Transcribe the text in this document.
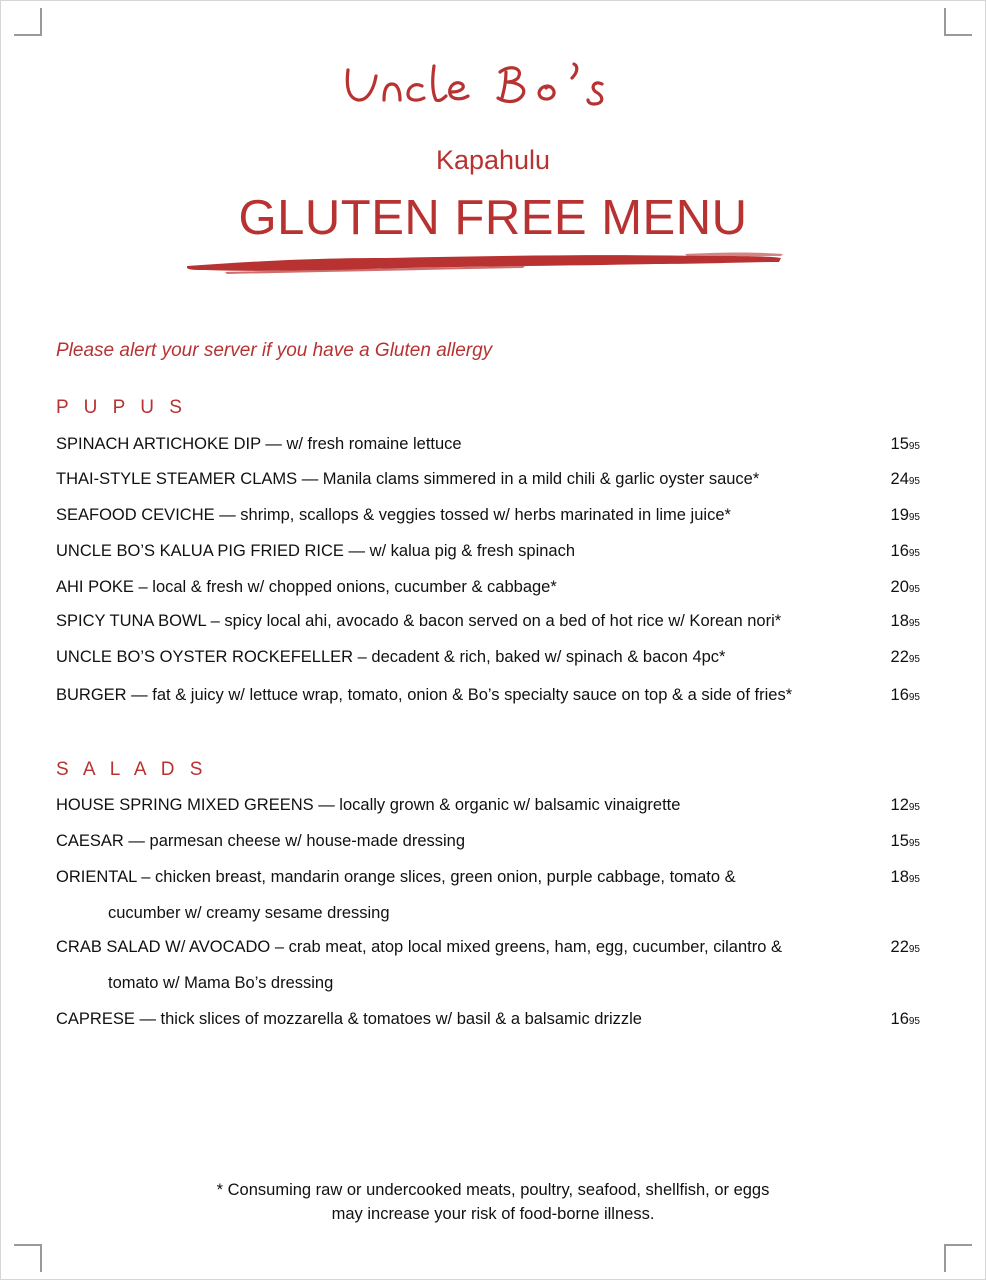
Kapahulu
GLUTEN FREE MENU
Please alert your server if you have a Gluten allergy
P U P U S
SPINACH ARTICHOKE DIP — w/ fresh romaine lettuce	1595
THAI-STYLE STEAMER CLAMS — Manila clams simmered in a mild chili & garlic oyster sauce*	2495
SEAFOOD CEVICHE — shrimp, scallops & veggies tossed w/ herbs marinated in lime juice*	1995
UNCLE BO’S KALUA PIG FRIED RICE — w/ kalua pig & fresh spinach	1695
AHI POKE – local & fresh w/ chopped onions, cucumber & cabbage*	2095
SPICY TUNA BOWL – spicy local ahi, avocado & bacon served on a bed of hot rice w/ Korean nori*	1895
UNCLE BO’S OYSTER ROCKEFELLER – decadent & rich, baked w/ spinach & bacon 4pc*	2295
BURGER — fat & juicy w/ lettuce wrap, tomato, onion & Bo’s specialty sauce on top & a side of fries*	1695
S A L A D S
HOUSE SPRING MIXED GREENS — locally grown & organic w/ balsamic vinaigrette	1295
CAESAR — parmesan cheese w/ house-made dressing	1595
ORIENTAL – chicken breast, mandarin orange slices, green onion, purple cabbage, tomato &
cucumber w/ creamy sesame dressing
1895
CRAB SALAD W/ AVOCADO – crab meat, atop local mixed greens, ham, egg, cucumber, cilantro &
tomato w/ Mama Bo’s dressing
2295
CAPRESE — thick slices of mozzarella & tomatoes w/ basil & a balsamic drizzle	1695
* Consuming raw or undercooked meats, poultry, seafood, shellfish, or eggs
may increase your risk of food-borne illness.
